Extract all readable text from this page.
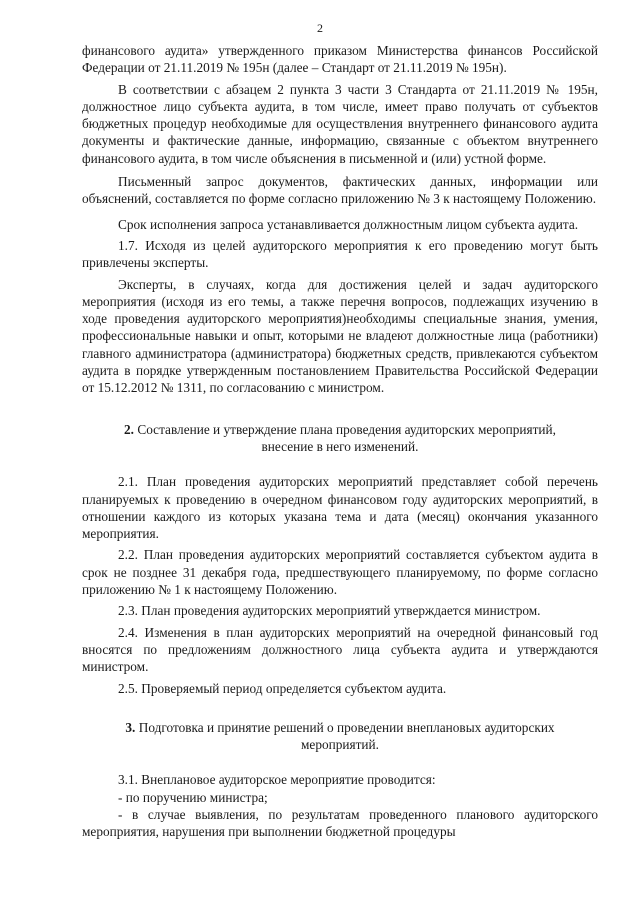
2

финансового аудита» утвержденного приказом Министерства финансов Российской Федерации от 21.11.2019 № 195н (далее – Стандарт от 21.11.2019 № 195н).

В соответствии с абзацем 2 пункта 3 части 3 Стандарта от 21.11.2019 № 195н, должностное лицо субъекта аудита, в том числе, имеет право получать от субъектов бюджетных процедур необходимые для осуществления внутреннего финансового аудита документы и фактические данные, информацию, связанные с объектом внутреннего финансового аудита, в том числе объяснения в письменной и (или) устной форме.

Письменный запрос документов, фактических данных, информации или объяснений, составляется по форме согласно приложению № 3 к настоящему Положению.

Срок исполнения запроса устанавливается должностным лицом субъекта аудита.

1.7. Исходя из целей аудиторского мероприятия к его проведению могут быть привлечены эксперты.

Эксперты, в случаях, когда для достижения целей и задач аудиторского мероприятия (исходя из его темы, а также перечня вопросов, подлежащих изучению в ходе проведения аудиторского мероприятия)необходимы специальные знания, умения, профессиональные навыки и опыт, которыми не владеют должностные лица (работники) главного администратора (администратора) бюджетных средств, привлекаются субъектом аудита в порядке утвержденным постановлением Правительства Российской Федерации от 15.12.2012 № 1311, по согласованию с министром.

2. Составление и утверждение плана проведения аудиторских мероприятий, внесение в него изменений.

2.1. План проведения аудиторских мероприятий представляет собой перечень планируемых к проведению в очередном финансовом году аудиторских мероприятий, в отношении каждого из которых указана тема и дата (месяц) окончания указанного мероприятия.

2.2. План проведения аудиторских мероприятий составляется субъектом аудита в срок не позднее 31 декабря года, предшествующего планируемому, по форме согласно приложению № 1 к настоящему Положению.

2.3. План проведения аудиторских мероприятий утверждается министром.

2.4. Изменения в план аудиторских мероприятий на очередной финансовый год вносятся по предложениям должностного лица субъекта аудита и утверждаются министром.

2.5. Проверяемый период определяется субъектом аудита.

3. Подготовка и принятие решений о проведении внеплановых аудиторских мероприятий.

3.1. Внеплановое аудиторское мероприятие проводится:

- по поручению министра;

- в случае выявления, по результатам проведенного планового аудиторского мероприятия, нарушения при выполнении бюджетной процедуры
